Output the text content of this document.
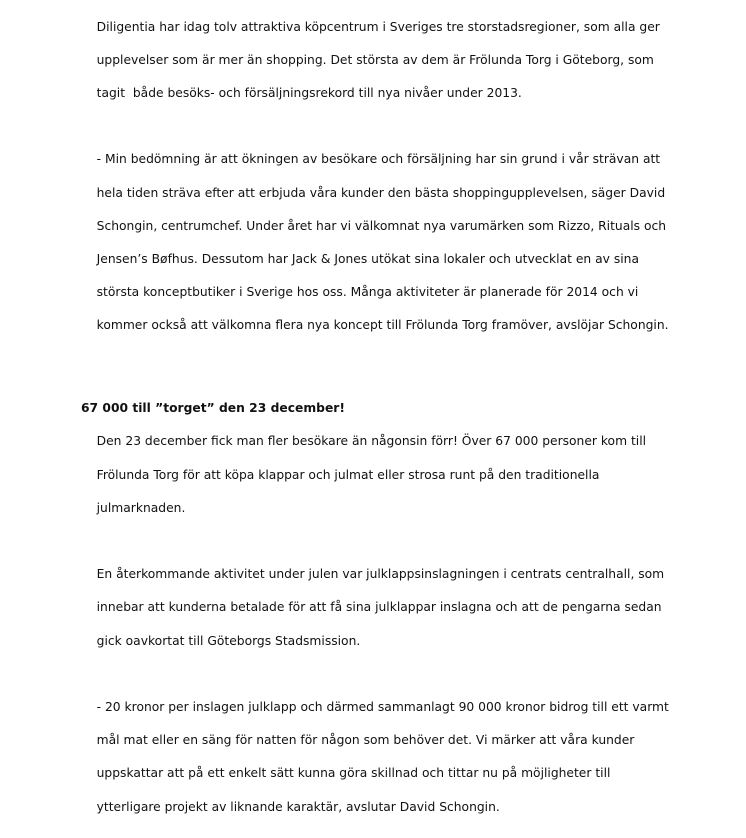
Diligentia har idag tolv attraktiva köpcentrum i Sveriges tre storstadsregioner, som alla ger

upplevelser som är mer än shopping. Det största av dem är Frölunda Torg i Göteborg, som

tagit  både besöks- och försäljningsrekord till nya nivåer under 2013.

- Min bedömning är att ökningen av besökare och försäljning har sin grund i vår strävan att

hela tiden sträva efter att erbjuda våra kunder den bästa shoppingupplevelsen, säger David

Schongin, centrumchef. Under året har vi välkomnat nya varumärken som Rizzo, Rituals och

Jensen’s Bøfhus. Dessutom har Jack & Jones utökat sina lokaler och utvecklat en av sina

största konceptbutiker i Sverige hos oss. Många aktiviteter är planerade för 2014 och vi

kommer också att välkomna flera nya koncept till Frölunda Torg framöver, avslöjar Schongin.

67 000 till ”torget” den 23 december!

Den 23 december fick man fler besökare än någonsin förr! Över 67 000 personer kom till

Frölunda Torg för att köpa klappar och julmat eller strosa runt på den traditionella

julmarknaden.

En återkommande aktivitet under julen var julklappsinslagningen i centrats centralhall, som

innebar att kunderna betalade för att få sina julklappar inslagna och att de pengarna sedan

gick oavkortat till Göteborgs Stadsmission.

- 20 kronor per inslagen julklapp och därmed sammanlagt 90 000 kronor bidrog till ett varmt

mål mat eller en säng för natten för någon som behöver det. Vi märker att våra kunder

uppskattar att på ett enkelt sätt kunna göra skillnad och tittar nu på möjligheter till

ytterligare projekt av liknande karaktär, avslutar David Schongin.
